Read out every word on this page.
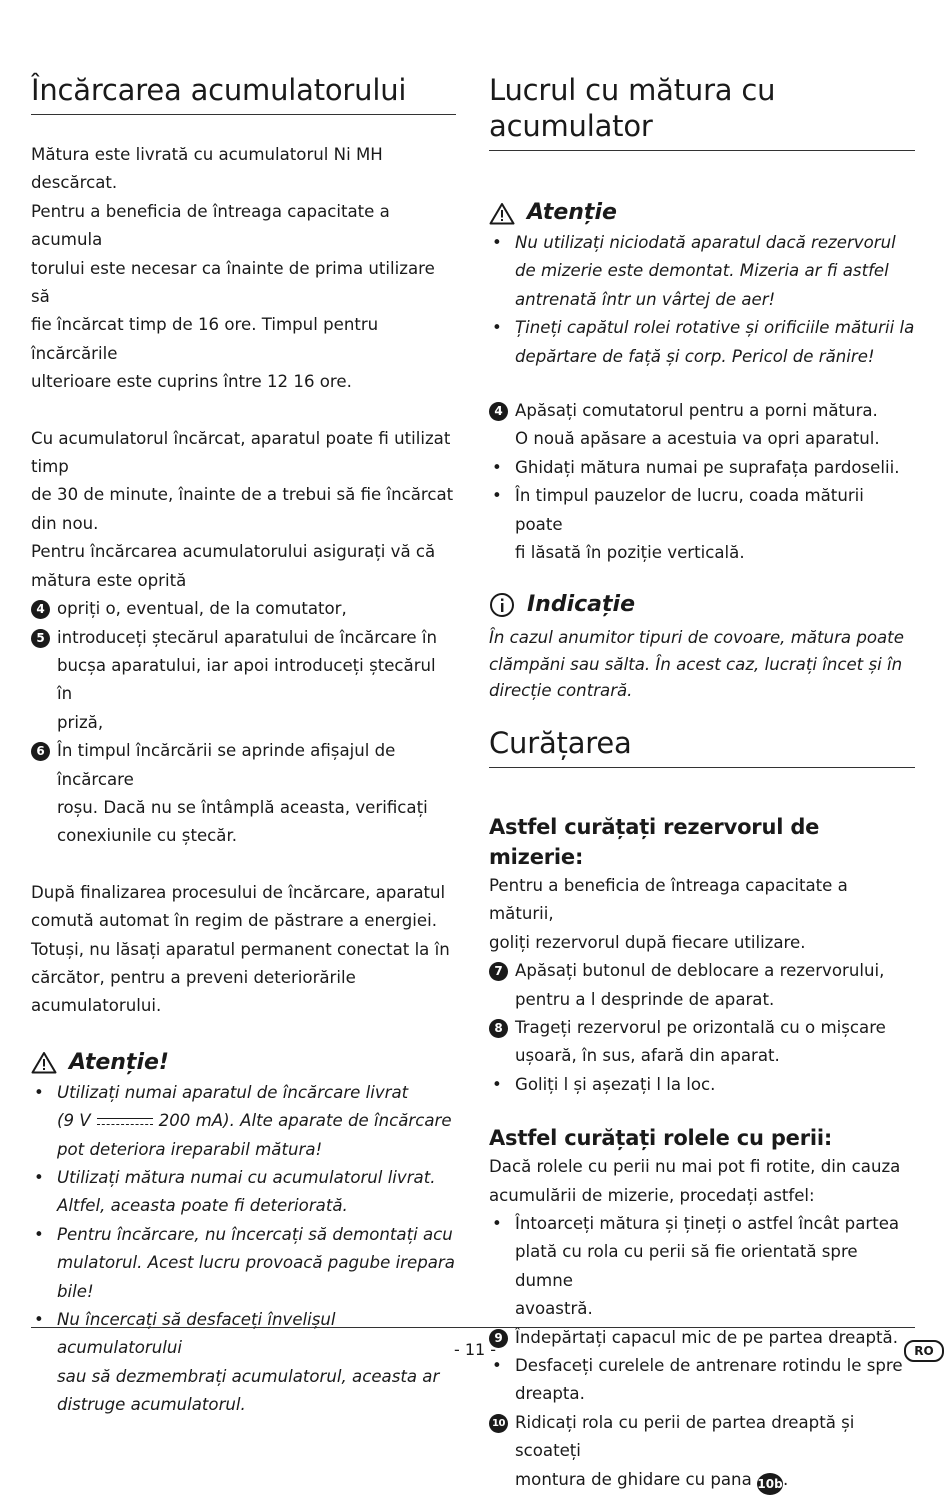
Încărcarea acumulatorului
Mătura este livrată cu acumulatorul Ni MH descărcat.
Pentru a beneficia de întreaga capacitate a acumula
torului este necesar ca înainte de prima utilizare să
fie încărcat timp de 16 ore. Timpul pentru încărcările
ulterioare este cuprins între 12 16 ore.
Cu acumulatorul încărcat, aparatul poate fi utilizat timp
de 30 de minute, înainte de a trebui să fie încărcat
din nou.
Pentru încărcarea acumulatorului asigurați vă că
mătura este oprită
4 opriți o, eventual, de la comutator,
5 introduceți ștecărul aparatului de încărcare în
bucșa aparatului, iar apoi introduceți ștecărul în
priză,
6 În timpul încărcării se aprinde afișajul de încărcare
roșu. Dacă nu se întâmplă aceasta, verificați
conexiunile cu ștecăr.
După finalizarea procesului de încărcare, aparatul
comută automat în regim de păstrare a energiei.
Totuși, nu lăsați aparatul permanent conectat la în
cărcător, pentru a preveni deteriorările acumulatorului.
Atenție!
• Utilizați numai aparatul de încărcare livrat
(9 V	200 mA). Alte aparate de încărcare
pot deteriora ireparabil mătura!
• Utilizați mătura numai cu acumulatorul livrat.
Altfel, aceasta poate fi deteriorată.
• Pentru încărcare, nu încercați să demontați acu
mulatorul. Acest lucru provoacă pagube irepara
bile!
• Nu încercați să desfaceți învelișul acumulatorului
sau să dezmembrați acumulatorul, aceasta ar
distruge acumulatorul.
Lucrul cu mătura cu acumulator
Atenție
• Nu utilizați niciodată aparatul dacă rezervorul
de mizerie este demontat. Mizeria ar fi astfel
antrenată într un vârtej de aer!
• Țineți capătul rolei rotative și orificiile măturii la
depărtare de față și corp. Pericol de rănire!
4 Apăsați comutatorul pentru a porni mătura.
O nouă apăsare a acestuia va opri aparatul.
• Ghidați mătura numai pe suprafața pardoselii.
• În timpul pauzelor de lucru, coada măturii poate
fi lăsată în poziție verticală.
Indicație
În cazul anumitor tipuri de covoare, mătura poate
clămpăni sau sălta. În acest caz, lucrați încet și în
direcție contrară.
Curățarea
Astfel curățați rezervorul de mizerie:
Pentru a beneficia de întreaga capacitate a măturii,
goliți rezervorul după fiecare utilizare.
7 Apăsați butonul de deblocare a rezervorului,
pentru a l desprinde de aparat.
8 Trageți rezervorul pe orizontală cu o mișcare
ușoară, în sus, afară din aparat.
• Goliți l și așezați l la loc.
Astfel curățați rolele cu perii:
Dacă rolele cu perii nu mai pot fi rotite, din cauza
acumulării de mizerie, procedați astfel:
• Întoarceți mătura și țineți o astfel încât partea
plată cu rola cu perii să fie orientată spre dumne
avoastră.
9 Îndepărtați capacul mic de pe partea dreaptă.
• Desfaceți curelele de antrenare rotindu le spre
dreapta.
10 Ridicați rola cu perii de partea dreaptă și scoateți
montura de ghidare cu pana 10b.
- 11 -	RO
